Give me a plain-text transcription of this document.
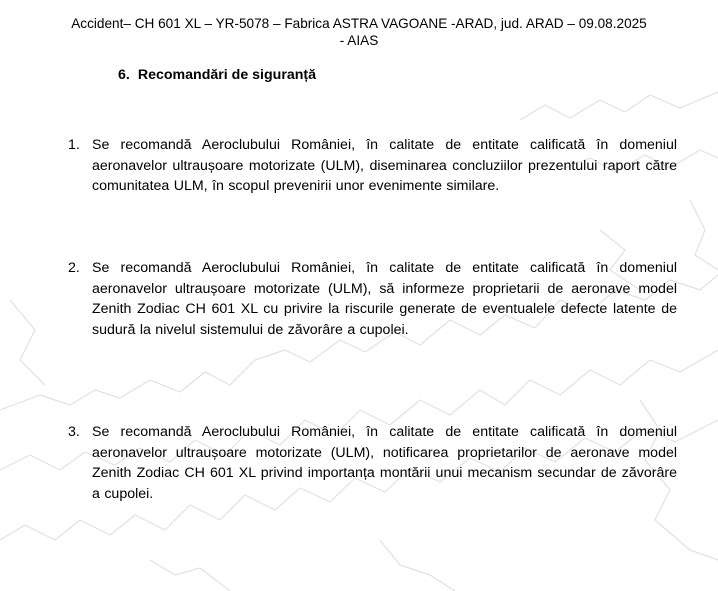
Accident– CH 601 XL – YR-5078 – Fabrica ASTRA VAGOANE -ARAD, jud. ARAD – 09.08.2025
- AIAS
6. Recomandări de siguranță
1. Se recomandă Aeroclubului României, în calitate de entitate calificată în domeniul aeronavelor ultraușoare motorizate (ULM), diseminarea concluziilor prezentului raport către comunitatea ULM, în scopul prevenirii unor evenimente similare.
2. Se recomandă Aeroclubului României, în calitate de entitate calificată în domeniul aeronavelor ultraușoare motorizate (ULM), să informeze proprietarii de aeronave model Zenith Zodiac CH 601 XL cu privire la riscurile generate de eventualele defecte latente de sudură la nivelul sistemului de zăvorâre a cupolei.
3. Se recomandă Aeroclubului României, în calitate de entitate calificată în domeniul aeronavelor ultraușoare motorizate (ULM), notificarea proprietarilor de aeronave model Zenith Zodiac CH 601 XL privind importanța montării unui mecanism secundar de zăvorâre a cupolei.
